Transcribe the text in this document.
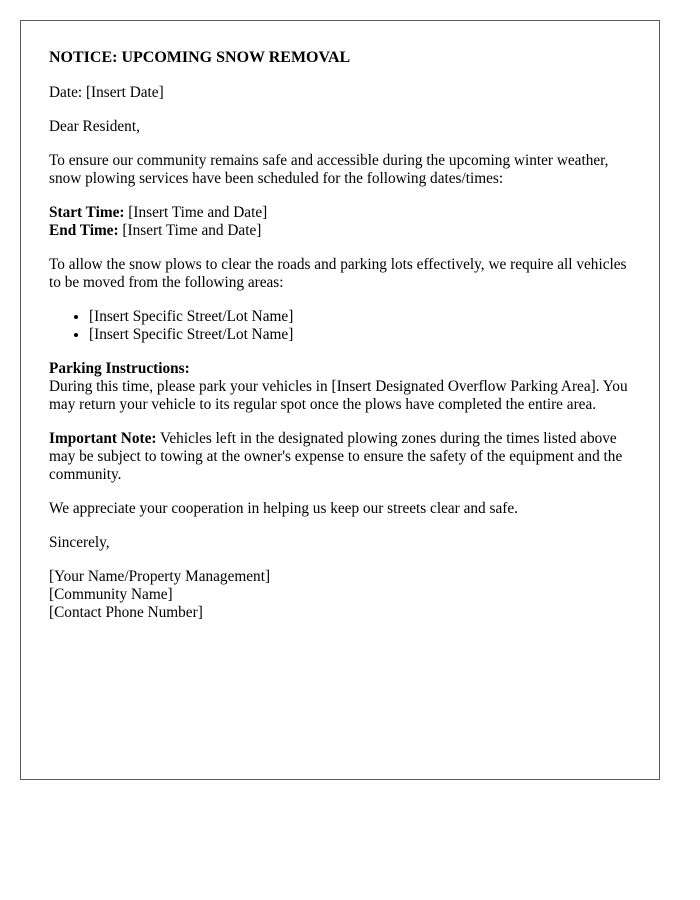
NOTICE: UPCOMING SNOW REMOVAL

Date: [Insert Date]

Dear Resident,

To ensure our community remains safe and accessible during the upcoming winter weather, snow plowing services have been scheduled for the following dates/times:

Start Time: [Insert Time and Date]
End Time: [Insert Time and Date]

To allow the snow plows to clear the roads and parking lots effectively, we require all vehicles to be moved from the following areas:

• [Insert Specific Street/Lot Name]
• [Insert Specific Street/Lot Name]

Parking Instructions:
During this time, please park your vehicles in [Insert Designated Overflow Parking Area]. You may return your vehicle to its regular spot once the plows have completed the entire area.

Important Note: Vehicles left in the designated plowing zones during the times listed above may be subject to towing at the owner's expense to ensure the safety of the equipment and the community.

We appreciate your cooperation in helping us keep our streets clear and safe.

Sincerely,

[Your Name/Property Management]
[Community Name]
[Contact Phone Number]
